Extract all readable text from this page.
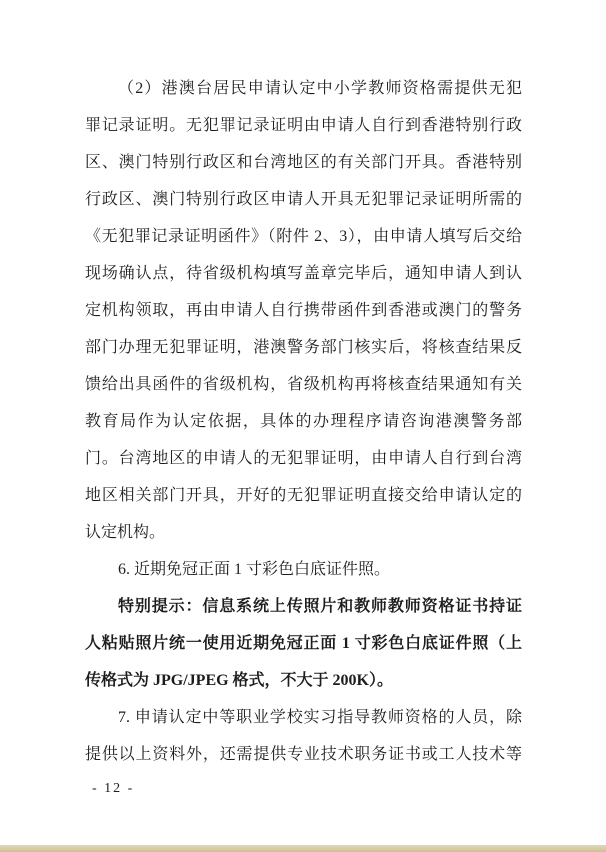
（2）港澳台居民申请认定中小学教师资格需提供无犯
罪记录证明。无犯罪记录证明由申请人自行到香港特别行政
区、澳门特别行政区和台湾地区的有关部门开具。香港特别
行政区、澳门特别行政区申请人开具无犯罪记录证明所需的
《无犯罪记录证明函件》（附件 2、3），由申请人填写后交给
现场确认点，待省级机构填写盖章完毕后，通知申请人到认
定机构领取，再由申请人自行携带函件到香港或澳门的警务
部门办理无犯罪证明，港澳警务部门核实后，将核查结果反
馈给出具函件的省级机构，省级机构再将核查结果通知有关
教育局作为认定依据，具体的办理程序请咨询港澳警务部
门。台湾地区的申请人的无犯罪证明，由申请人自行到台湾
地区相关部门开具，开好的无犯罪证明直接交给申请认定的
认定机构。
6. 近期免冠正面 1 寸彩色白底证件照。
特别提示：信息系统上传照片和教师教师资格证书持证
人粘贴照片统一使用近期免冠正面 1 寸彩色白底证件照（上
传格式为 JPG/JPEG 格式，不大于 200K）。
7. 申请认定中等职业学校实习指导教师资格的人员，除
提供以上资料外，还需提供专业技术职务证书或工人技术等
- 12 -
